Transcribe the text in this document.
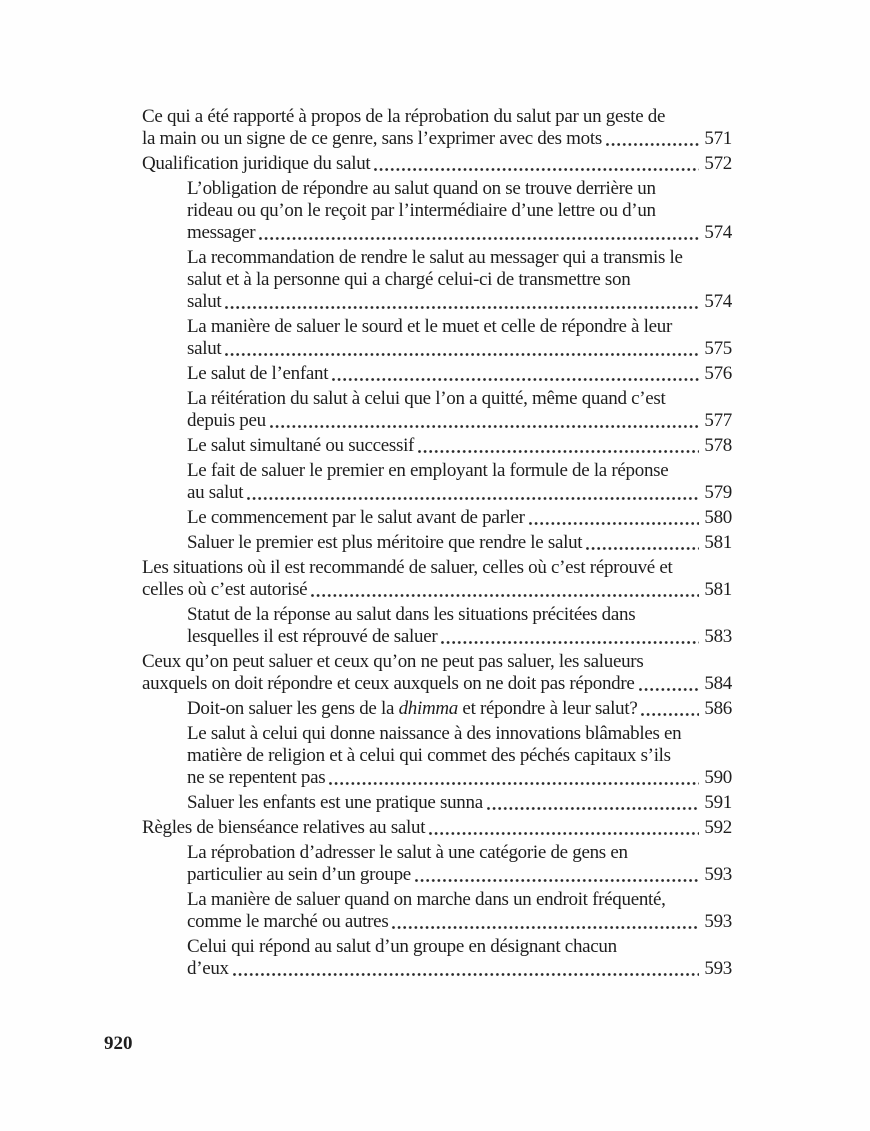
Ce qui a été rapporté à propos de la réprobation du salut par un geste de
la main ou un signe de ce genre, sans l’exprimer avec des mots	571
Qualification juridique du salut	572
L’obligation de répondre au salut quand on se trouve derrière un
rideau ou qu’on le reçoit par l’intermédiaire d’une lettre ou d’un
messager	574
La recommandation de rendre le salut au messager qui a transmis le
salut et à la personne qui a chargé celui-ci de transmettre son
salut	574
La manière de saluer le sourd et le muet et celle de répondre à leur
salut	575
Le salut de l’enfant	576
La réitération du salut à celui que l’on a quitté, même quand c’est
depuis peu	577
Le salut simultané ou successif	578
Le fait de saluer le premier en employant la formule de la réponse
au salut	579
Le commencement par le salut avant de parler	580
Saluer le premier est plus méritoire que rendre le salut	581
Les situations où il est recommandé de saluer, celles où c’est réprouvé et
celles où c’est autorisé	581
Statut de la réponse au salut dans les situations précitées dans
lesquelles il est réprouvé de saluer	583
Ceux qu’on peut saluer et ceux qu’on ne peut pas saluer, les salueurs
auxquels on doit répondre et ceux auxquels on ne doit pas répondre	584
Doit-on saluer les gens de la dhimma et répondre à leur salut?	586
Le salut à celui qui donne naissance à des innovations blâmables en
matière de religion et à celui qui commet des péchés capitaux s’ils
ne se repentent pas	590
Saluer les enfants est une pratique sunna	591
Règles de bienséance relatives au salut	592
La réprobation d’adresser le salut à une catégorie de gens en
particulier au sein d’un groupe	593
La manière de saluer quand on marche dans un endroit fréquenté,
comme le marché ou autres	593
Celui qui répond au salut d’un groupe en désignant chacun
d’eux	593
920
